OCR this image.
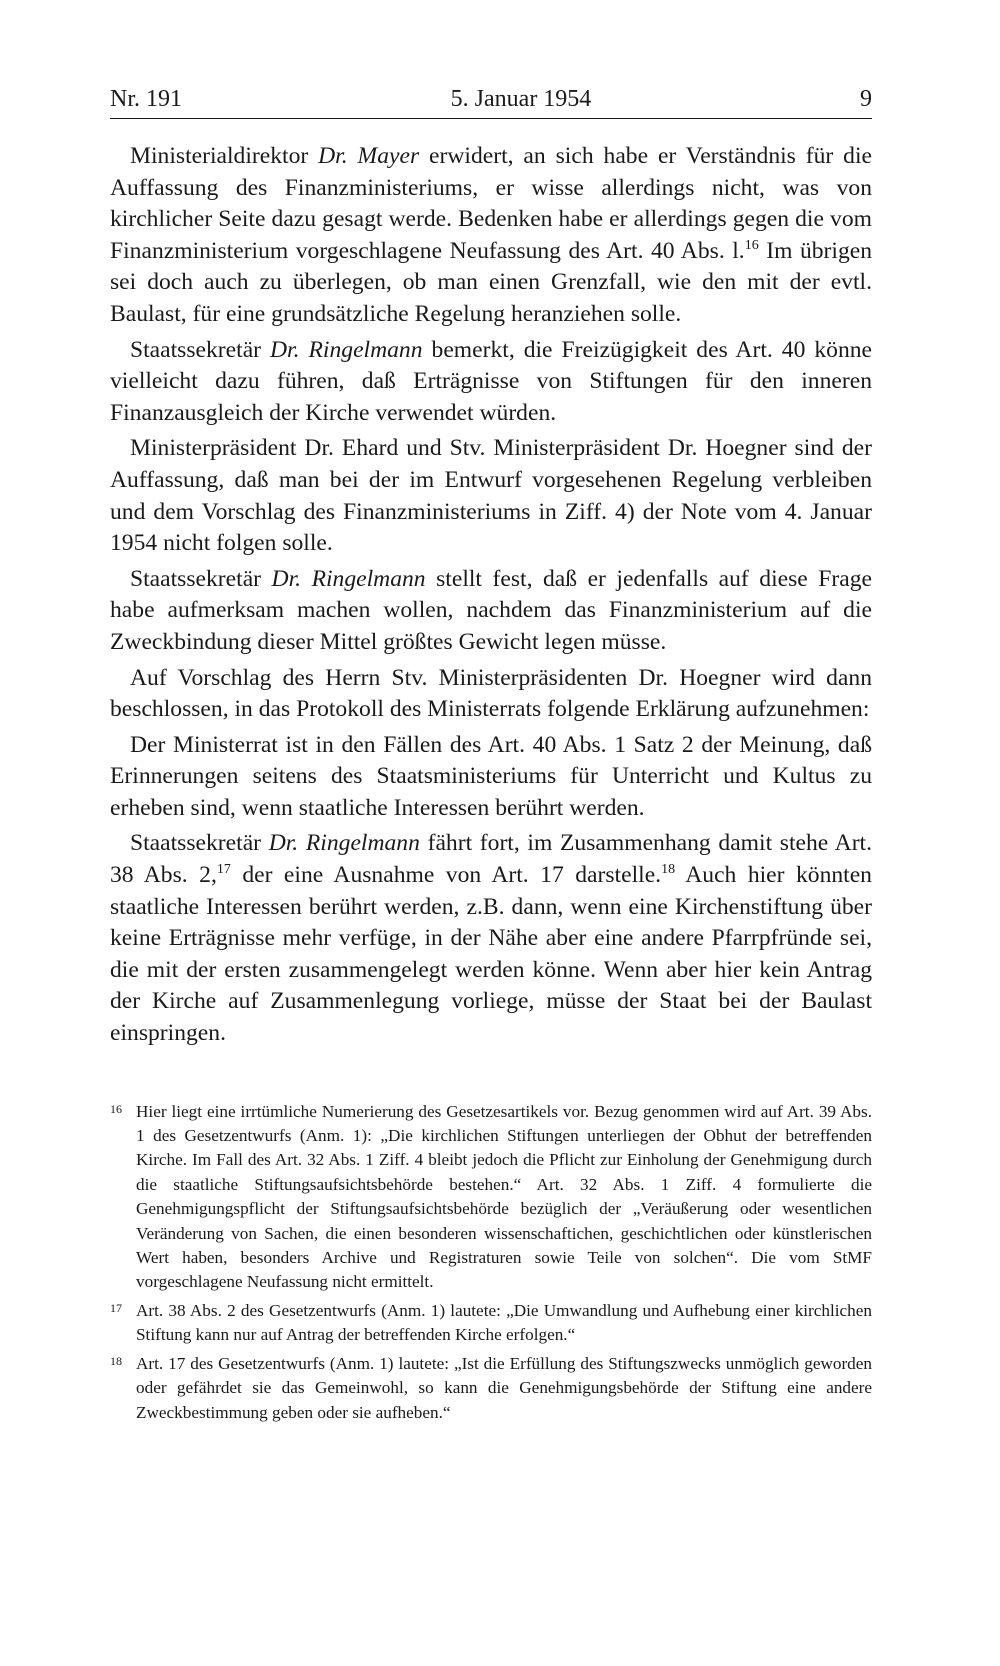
Nr. 191	5. Januar 1954	9

Ministerialdirektor Dr. Mayer erwidert, an sich habe er Verständnis für die Auffassung des Finanzministeriums, er wisse allerdings nicht, was von kirchlicher Seite dazu gesagt werde. Bedenken habe er allerdings gegen die vom Finanzministerium vorgeschlagene Neufassung des Art. 40 Abs. l.$^{16}$ Im übrigen sei doch auch zu überlegen, ob man einen Grenzfall, wie den mit der evtl. Baulast, für eine grundsätzliche Regelung heranziehen solle.

Staatssekretär Dr. Ringelmann bemerkt, die Freizügigkeit des Art. 40 könne vielleicht dazu führen, daß Erträgnisse von Stiftungen für den inneren Finanzausgleich der Kirche verwendet würden.

Ministerpräsident Dr. Ehard und Stv. Ministerpräsident Dr. Hoegner sind der Auffassung, daß man bei der im Entwurf vorgesehenen Regelung verbleiben und dem Vorschlag des Finanzministeriums in Ziff. 4) der Note vom 4. Januar 1954 nicht folgen solle.

Staatssekretär Dr. Ringelmann stellt fest, daß er jedenfalls auf diese Frage habe aufmerksam machen wollen, nachdem das Finanzministerium auf die Zweckbindung dieser Mittel größtes Gewicht legen müsse.

Auf Vorschlag des Herrn Stv. Ministerpräsidenten Dr. Hoegner wird dann beschlossen, in das Protokoll des Ministerrats folgende Erklärung aufzunehmen:

Der Ministerrat ist in den Fällen des Art. 40 Abs. 1 Satz 2 der Meinung, daß Erinnerungen seitens des Staatsministeriums für Unterricht und Kultus zu erheben sind, wenn staatliche Interessen berührt werden.

Staatssekretär Dr. Ringelmann fährt fort, im Zusammenhang damit stehe Art. 38 Abs. 2,17 der eine Ausnahme von Art. 17 darstelle.$^{18}$ Auch hier könnten staatliche Interessen berührt werden, z.B. dann, wenn eine Kirchenstiftung über keine Erträgnisse mehr verfüge, in der Nähe aber eine andere Pfarrpfründe sei, die mit der ersten zusammengelegt werden könne. Wenn aber hier kein Antrag der Kirche auf Zusammenlegung vorliege, müsse der Staat bei der Baulast einspringen.

16 Hier liegt eine irrtümliche Numerierung des Gesetzesartikels vor. Bezug genommen wird auf Art. 39 Abs. 1 des Gesetzentwurfs (Anm. 1): „Die kirchlichen Stiftungen unterliegen der Obhut der betreffenden Kirche. Im Fall des Art. 32 Abs. 1 Ziff. 4 bleibt jedoch die Pflicht zur Einholung der Genehmigung durch die staatliche Stiftungsaufsichtsbehörde bestehen.“ Art. 32 Abs. 1 Ziff. 4 formulierte die Genehmigungspflicht der Stiftungsaufsichtsbehörde bezüglich der „Veräußerung oder wesentlichen Veränderung von Sachen, die einen besonderen wissenschaftichen, geschichtlichen oder künstlerischen Wert haben, besonders Archive und Registraturen sowie Teile von solchen“. Die vom StMF vorgeschlagene Neufassung nicht ermittelt.
17 Art. 38 Abs. 2 des Gesetzentwurfs (Anm. 1) lautete: „Die Umwandlung und Aufhebung einer kirchlichen Stiftung kann nur auf Antrag der betreffenden Kirche erfolgen.“
18 Art. 17 des Gesetzentwurfs (Anm. 1) lautete: „Ist die Erfüllung des Stiftungszwecks unmöglich geworden oder gefährdet sie das Gemeinwohl, so kann die Genehmigungsbehörde der Stiftung eine andere Zweckbestimmung geben oder sie aufheben.“
